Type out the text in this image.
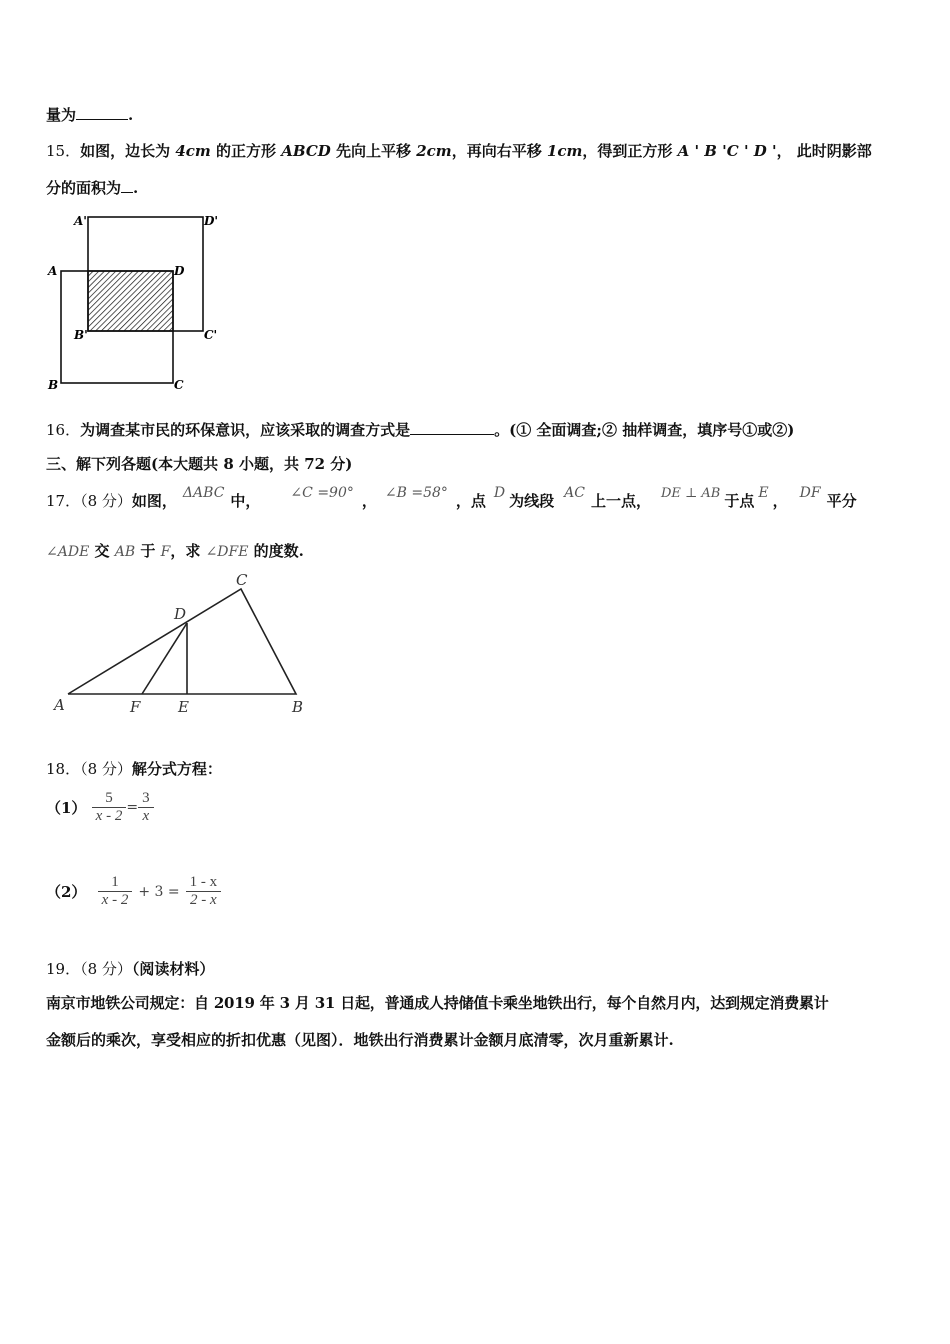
量为	.
15．如图，边长为 4cm 的正方形 ABCD 先向上平移 2cm，再向右平移 1cm，得到正方形 A ' B 'C ' D '， 此时阴影部
分的面积为 .
A'	D'
A	D
B'	C'
B	C
16．为调查某市民的环保意识，应该采取的调查方式是	。(① 全面调查;② 抽样调查，填序号①或②)
三、解下列各题(本大题共 8 小题，共 72 分)
17．（8 分）如图， ΔABC 中， ∠C =90° ， ∠B =58° ，点 D 为线段 AC 上一点， DE ⊥ AB 于点 E ， DF 平分
∠ADE 交 AB 于 F，求 ∠DFE 的度数.
C
D
A	F	E	B
18．（8 分）解分式方程：
$(1) \frac{5}{x - 2} = \frac{3}{x}$
$(2) \frac{1}{x - 2} + 3 = \frac{1 - x}{2 - x}$
19．（8 分）（阅读材料）
南京市地铁公司规定：自 2019 年 3 月 31 日起，普通成人持储值卡乘坐地铁出行，每个自然月内，达到规定消费累计
金额后的乘次，享受相应的折扣优惠（见图）．地铁出行消费累计金额月底清零，次月重新累计.
